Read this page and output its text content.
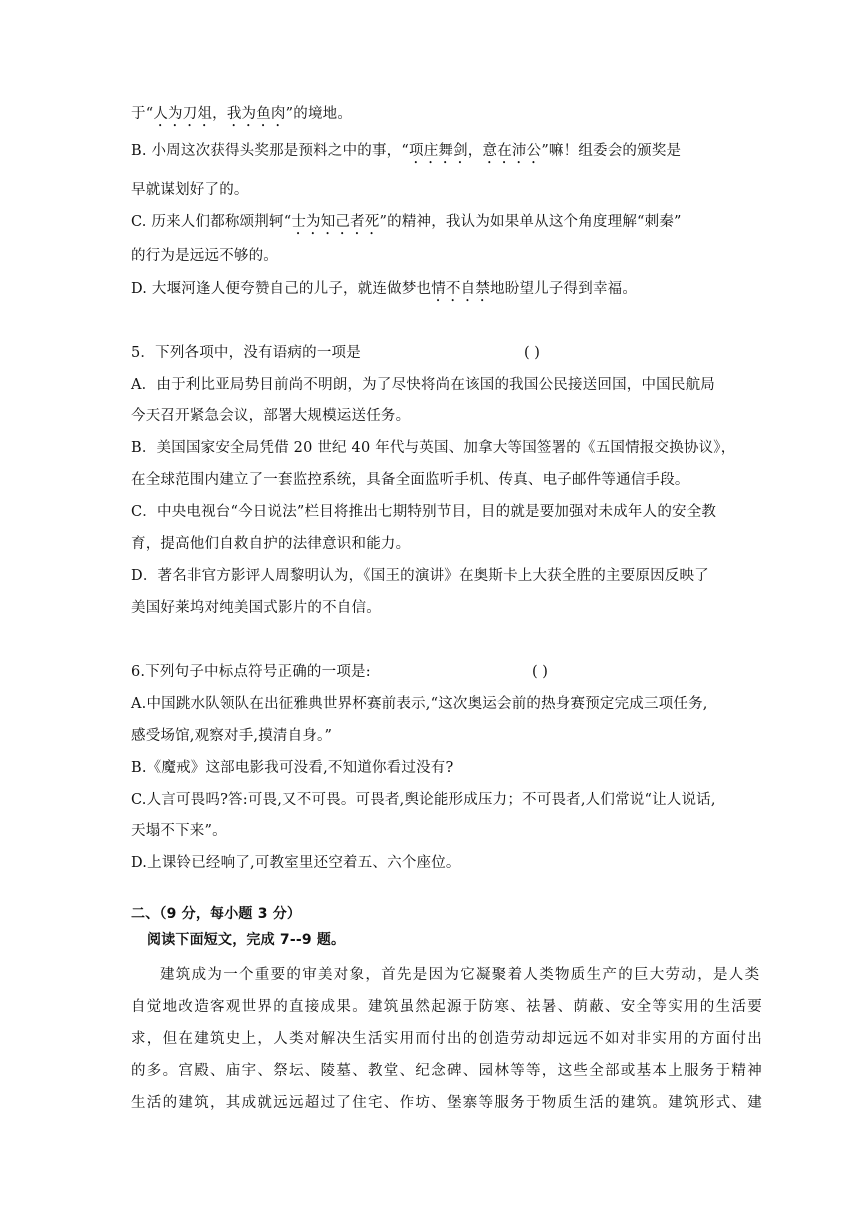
于“人为刀俎，我为鱼肉”的境地。
B. 小周这次获得头奖那是预料之中的事，“项庄舞剑，意在沛公”嘛！组委会的颁奖是
早就谋划好了的。
C. 历来人们都称颂荆轲“士为知己者死”的精神，我认为如果单从这个角度理解“刺秦”
的行为是远远不够的。
D. 大堰河逢人便夸赞自己的儿子，就连做梦也情不自禁地盼望儿子得到幸福。
5．下列各项中，没有语病的一项是	( )
A．由于利比亚局势目前尚不明朗，为了尽快将尚在该国的我国公民接送回国，中国民航局
今天召开紧急会议，部署大规模运送任务。
B．美国国家安全局凭借 20 世纪 40 年代与英国、加拿大等国签署的《五国情报交换协议》，
在全球范围内建立了一套监控系统，具备全面监听手机、传真、电子邮件等通信手段。
C．中央电视台“今日说法”栏目将推出七期特别节目，目的就是要加强对未成年人的安全教
育，提高他们自救自护的法律意识和能力。
D．著名非官方影评人周黎明认为，《国王的演讲》在奥斯卡上大获全胜的主要原因反映了
美国好莱坞对纯美国式影片的不自信。
6.下列句子中标点符号正确的一项是:	( )
A.中国跳水队领队在出征雅典世界杯赛前表示,“这次奥运会前的热身赛预定完成三项任务,
感受场馆,观察对手,摸清自身。”
B.《魔戒》这部电影我可没看,不知道你看过没有?
C.人言可畏吗?答:可畏,又不可畏。可畏者,舆论能形成压力；不可畏者,人们常说“让人说话,
天塌不下来”。
D.上课铃已经响了,可教室里还空着五、六个座位。
二、（9 分，每小题 3 分）
阅读下面短文，完成 7--9 题。
建筑成为一个重要的审美对象，首先是因为它凝聚着人类物质生产的巨大劳动，是人类
自觉地改造客观世界的直接成果。建筑虽然起源于防寒、祛暑、荫蔽、安全等实用的生活要
求，但在建筑史上，人类对解决生活实用而付出的创造劳动却远远不如对非实用的方面付出
的多。宫殿、庙宇、祭坛、陵墓、教堂、纪念碑、园林等等，这些全部或基本上服务于精神
生活的建筑，其成就远远超过了住宅、作坊、堡寨等服务于物质生活的建筑。建筑形式、建
